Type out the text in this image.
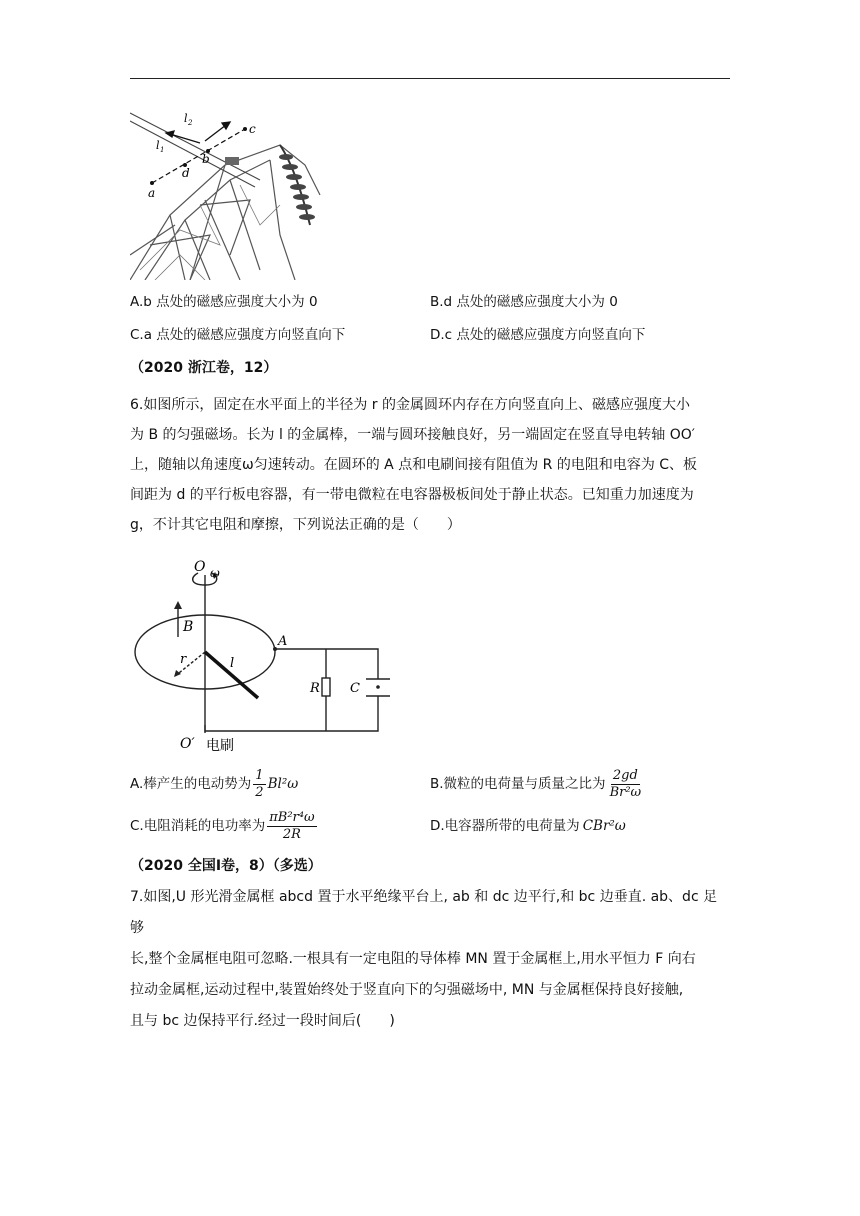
l 2
l 1
c
b
d
a
A.b 点处的磁感应强度大小为 0	B.d 点处的磁感应强度大小为 0
C.a 点处的磁感应强度方向竖直向下	D.c 点处的磁感应强度方向竖直向下
（2020 浙江卷，12）
6.如图所示，固定在水平面上的半径为 r 的金属圆环内存在方向竖直向上、磁感应强度大小
为 B 的匀强磁场。长为 l 的金属棒，一端与圆环接触良好，另一端固定在竖直导电转轴 OO′
上，随轴以角速度ω匀速转动。在圆环的 A 点和电刷间接有阻值为 R 的电阻和电容为 C、板
间距为 d 的平行板电容器，有一带电微粒在电容器极板间处于静止状态。已知重力加速度为
g，不计其它电阻和摩擦，下列说法正确的是（　　）
O ω
B
A
r	l
R C
O′ 电刷
A.棒产生的电动势为 $\frac{1}{2} Bl^2\omega$	B.微粒的电荷量与质量之比为 $\frac{2gd}{\text{Br²ω}}$
C.电阻消耗的电功率为 $\frac{\text{πB²r⁴ω}}{2R}$	D.电容器所带的电荷量为 CBr²ω
（2020 全国Ⅰ卷，8）（多选）
7.如图,U 形光滑金属框 abcd 置于水平绝缘平台上, ab 和 dc 边平行,和 bc 边垂直. ab、dc 足够
长,整个金属框电阻可忽略.一根具有一定电阻的导体棒 MN 置于金属框上,用水平恒力 F 向右
拉动金属框,运动过程中,装置始终处于竖直向下的匀强磁场中, MN 与金属框保持良好接触,
且与 bc 边保持平行.经过一段时间后(　　)
